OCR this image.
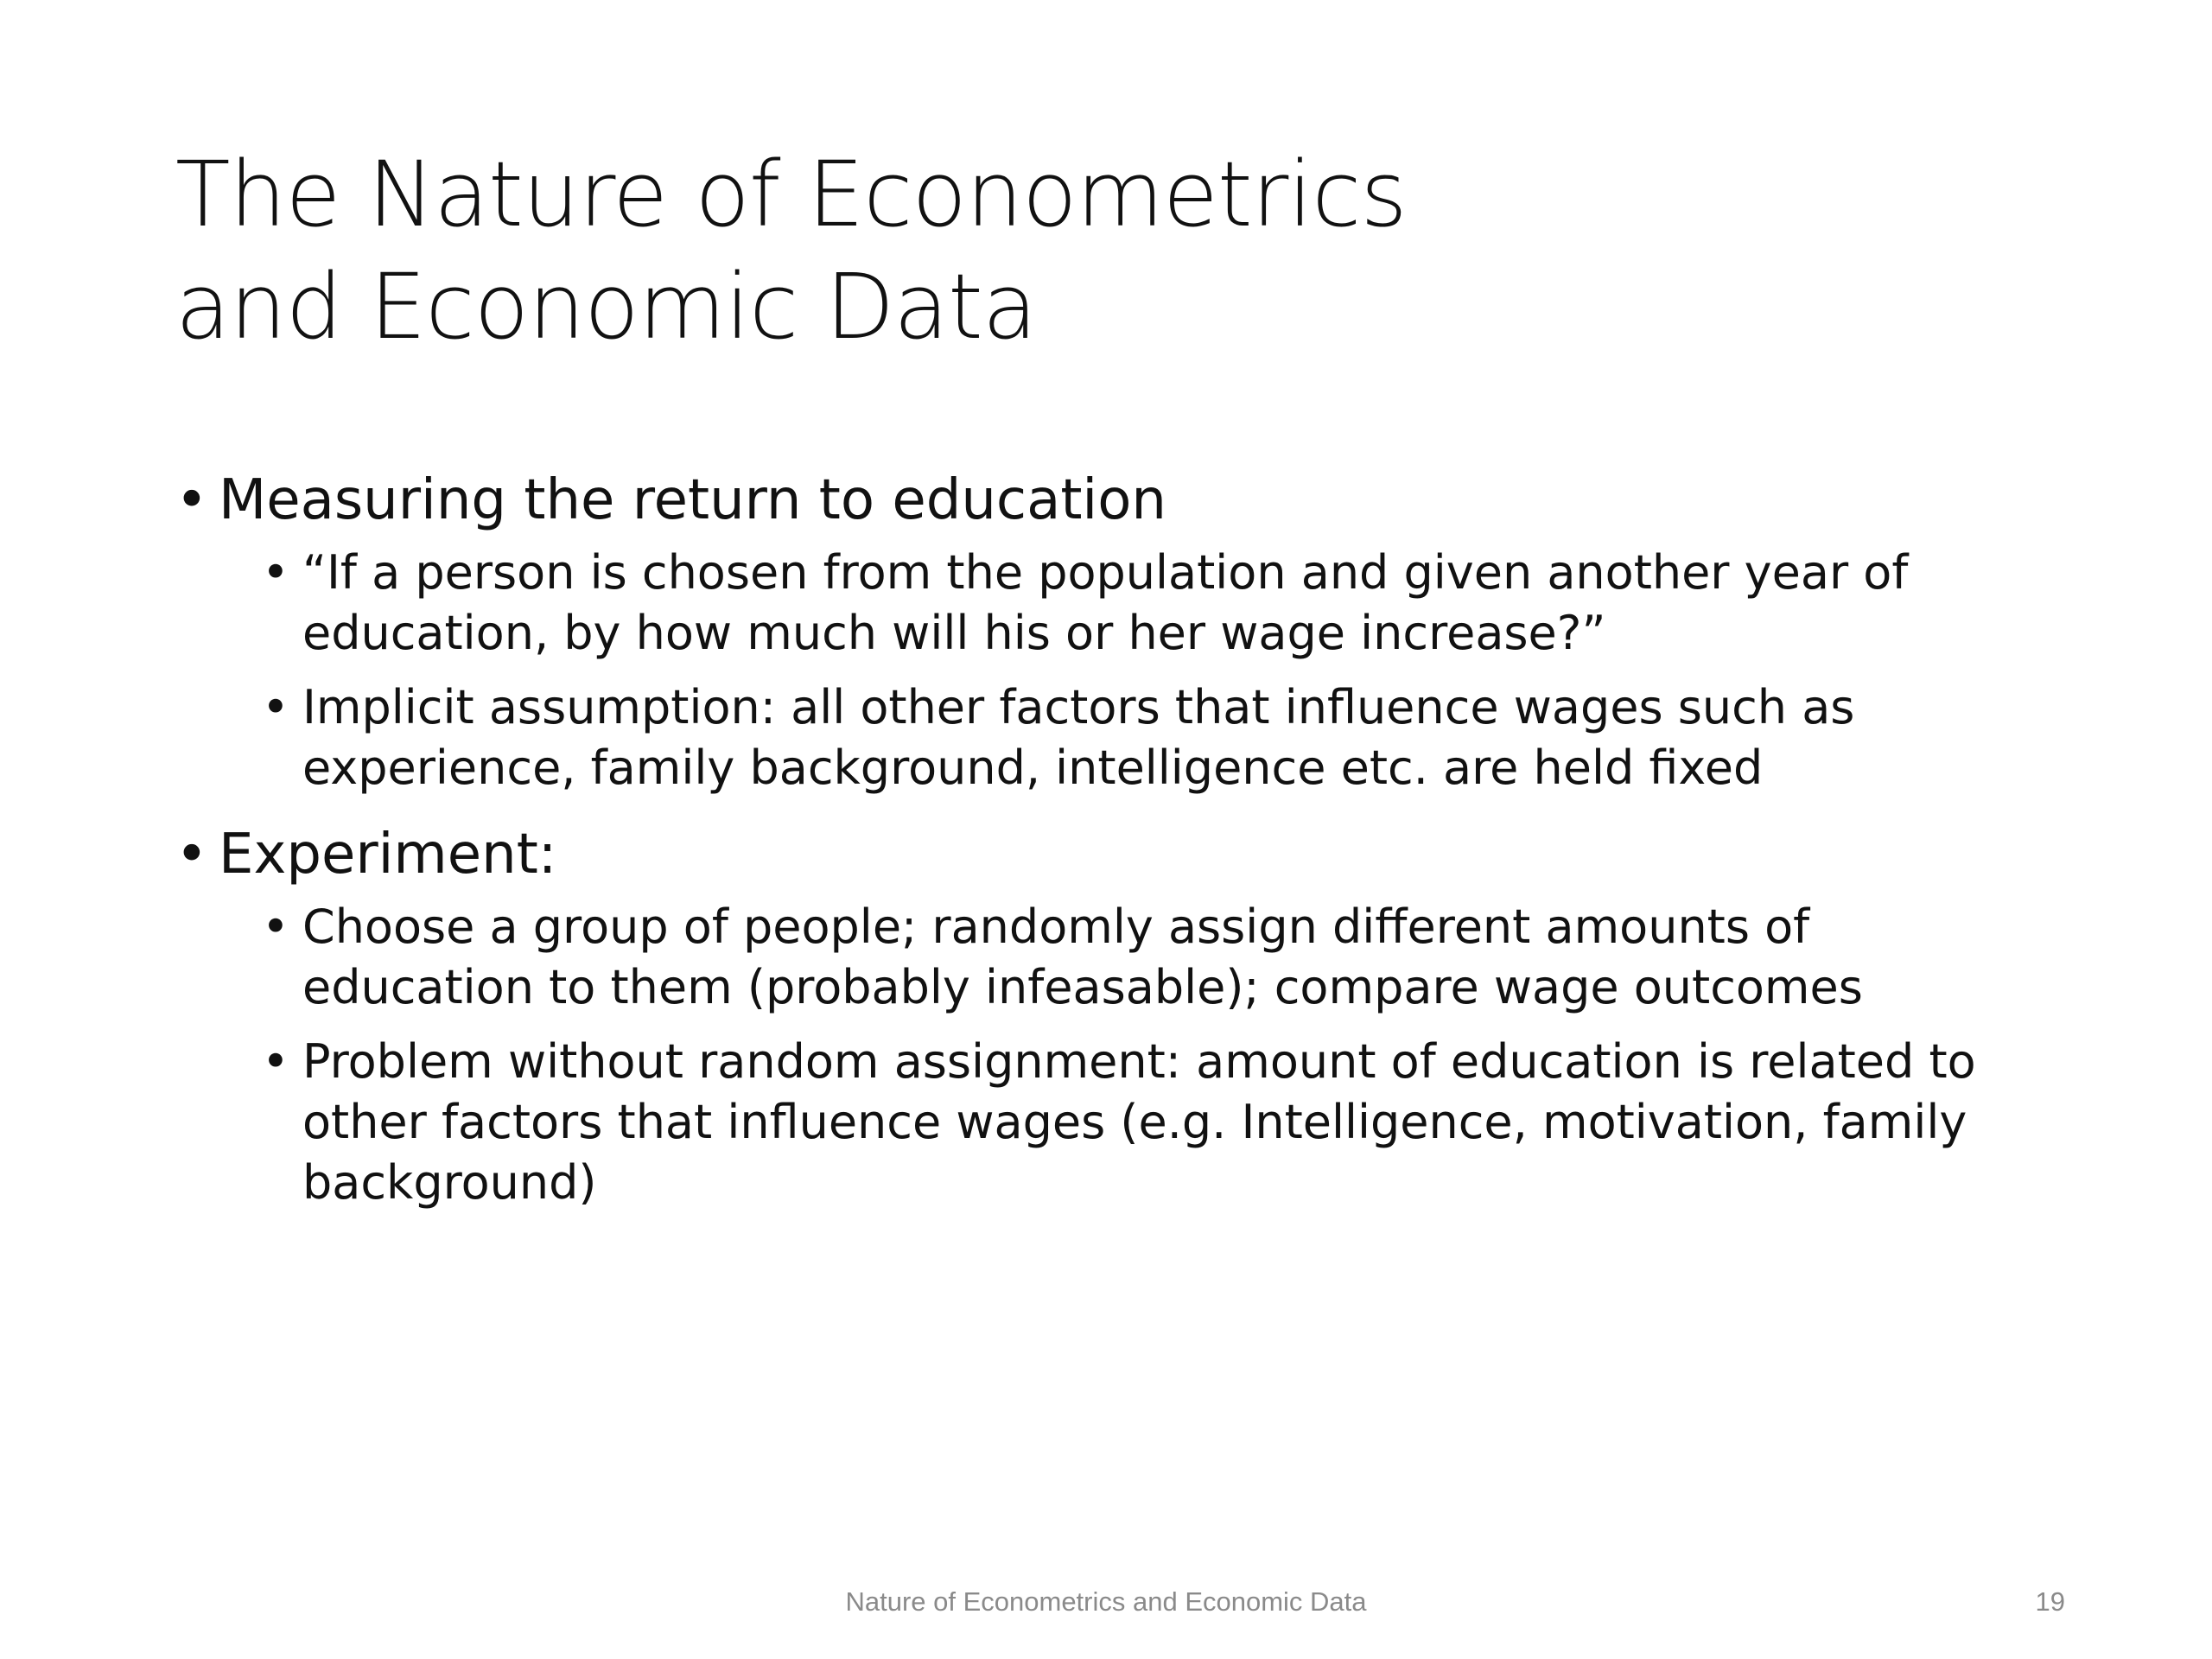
The Nature of Econometrics
and Economic Data
• Measuring the return to education
• “If a person is chosen from the population and given another year of education, by how much will his or her wage increase?”
• Implicit assumption: all other factors that influence wages such as experience, family background, intelligence etc. are held fixed
• Experiment:
• Choose a group of people; randomly assign different amounts of education to them (probably infeasable); compare wage outcomes
• Problem without random assignment: amount of education is related to other factors that influence wages (e.g. Intelligence, motivation, family background)
Nature of Econometrics and Economic Data	19
